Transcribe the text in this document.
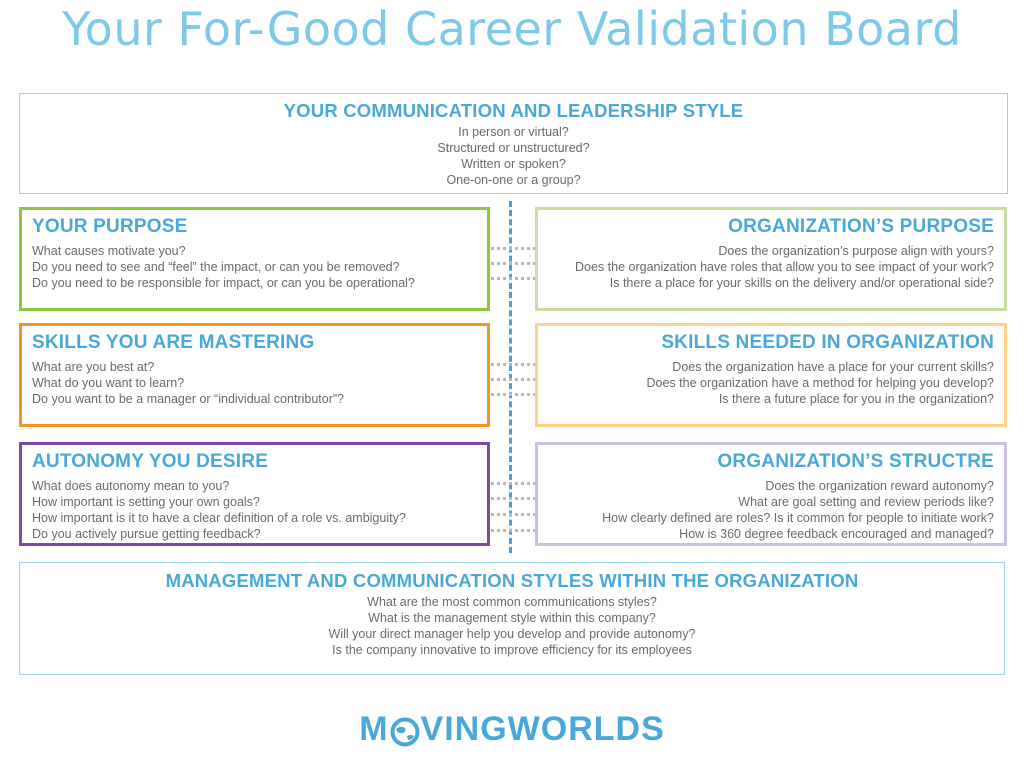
Your For-Good Career Validation Board
YOUR COMMUNICATION AND LEADERSHIP STYLE
In person or virtual?
Structured or unstructured?
Written or spoken?
One-on-one or a group?
YOUR PURPOSE
What causes motivate you?
Do you need to see and “feel” the impact, or can you be removed?
Do you need to be responsible for impact, or can you be operational?
ORGANIZATION’S PURPOSE
Does the organization’s purpose align with yours?
Does the organization have roles that allow you to see impact of your work?
Is there a place for your skills on the delivery and/or operational side?
SKILLS YOU ARE MASTERING
What are you best at?
What do you want to learn?
Do you want to be a manager or “individual contributor”?
SKILLS NEEDED IN ORGANIZATION
Does the organization have a place for your current skills?
Does the organization have a method for helping you develop?
Is there a future place for you in the organization?
AUTONOMY YOU DESIRE
What does autonomy mean to you?
How important is setting your own goals?
How important is it to have a clear definition of a role vs. ambiguity?
Do you actively pursue getting feedback?
ORGANIZATION’S STRUCTRE
Does the organization reward autonomy?
What are goal setting and review periods like?
How clearly defined are roles? Is it common for people to initiate work?
How is 360 degree feedback encouraged and managed?
MANAGEMENT AND COMMUNICATION STYLES WITHIN THE ORGANIZATION
What are the most common communications styles?
What is the management style within this company?
Will your direct manager help you develop and provide autonomy?
Is the company innovative to improve efficiency for its employees
M VINGWORLDS
